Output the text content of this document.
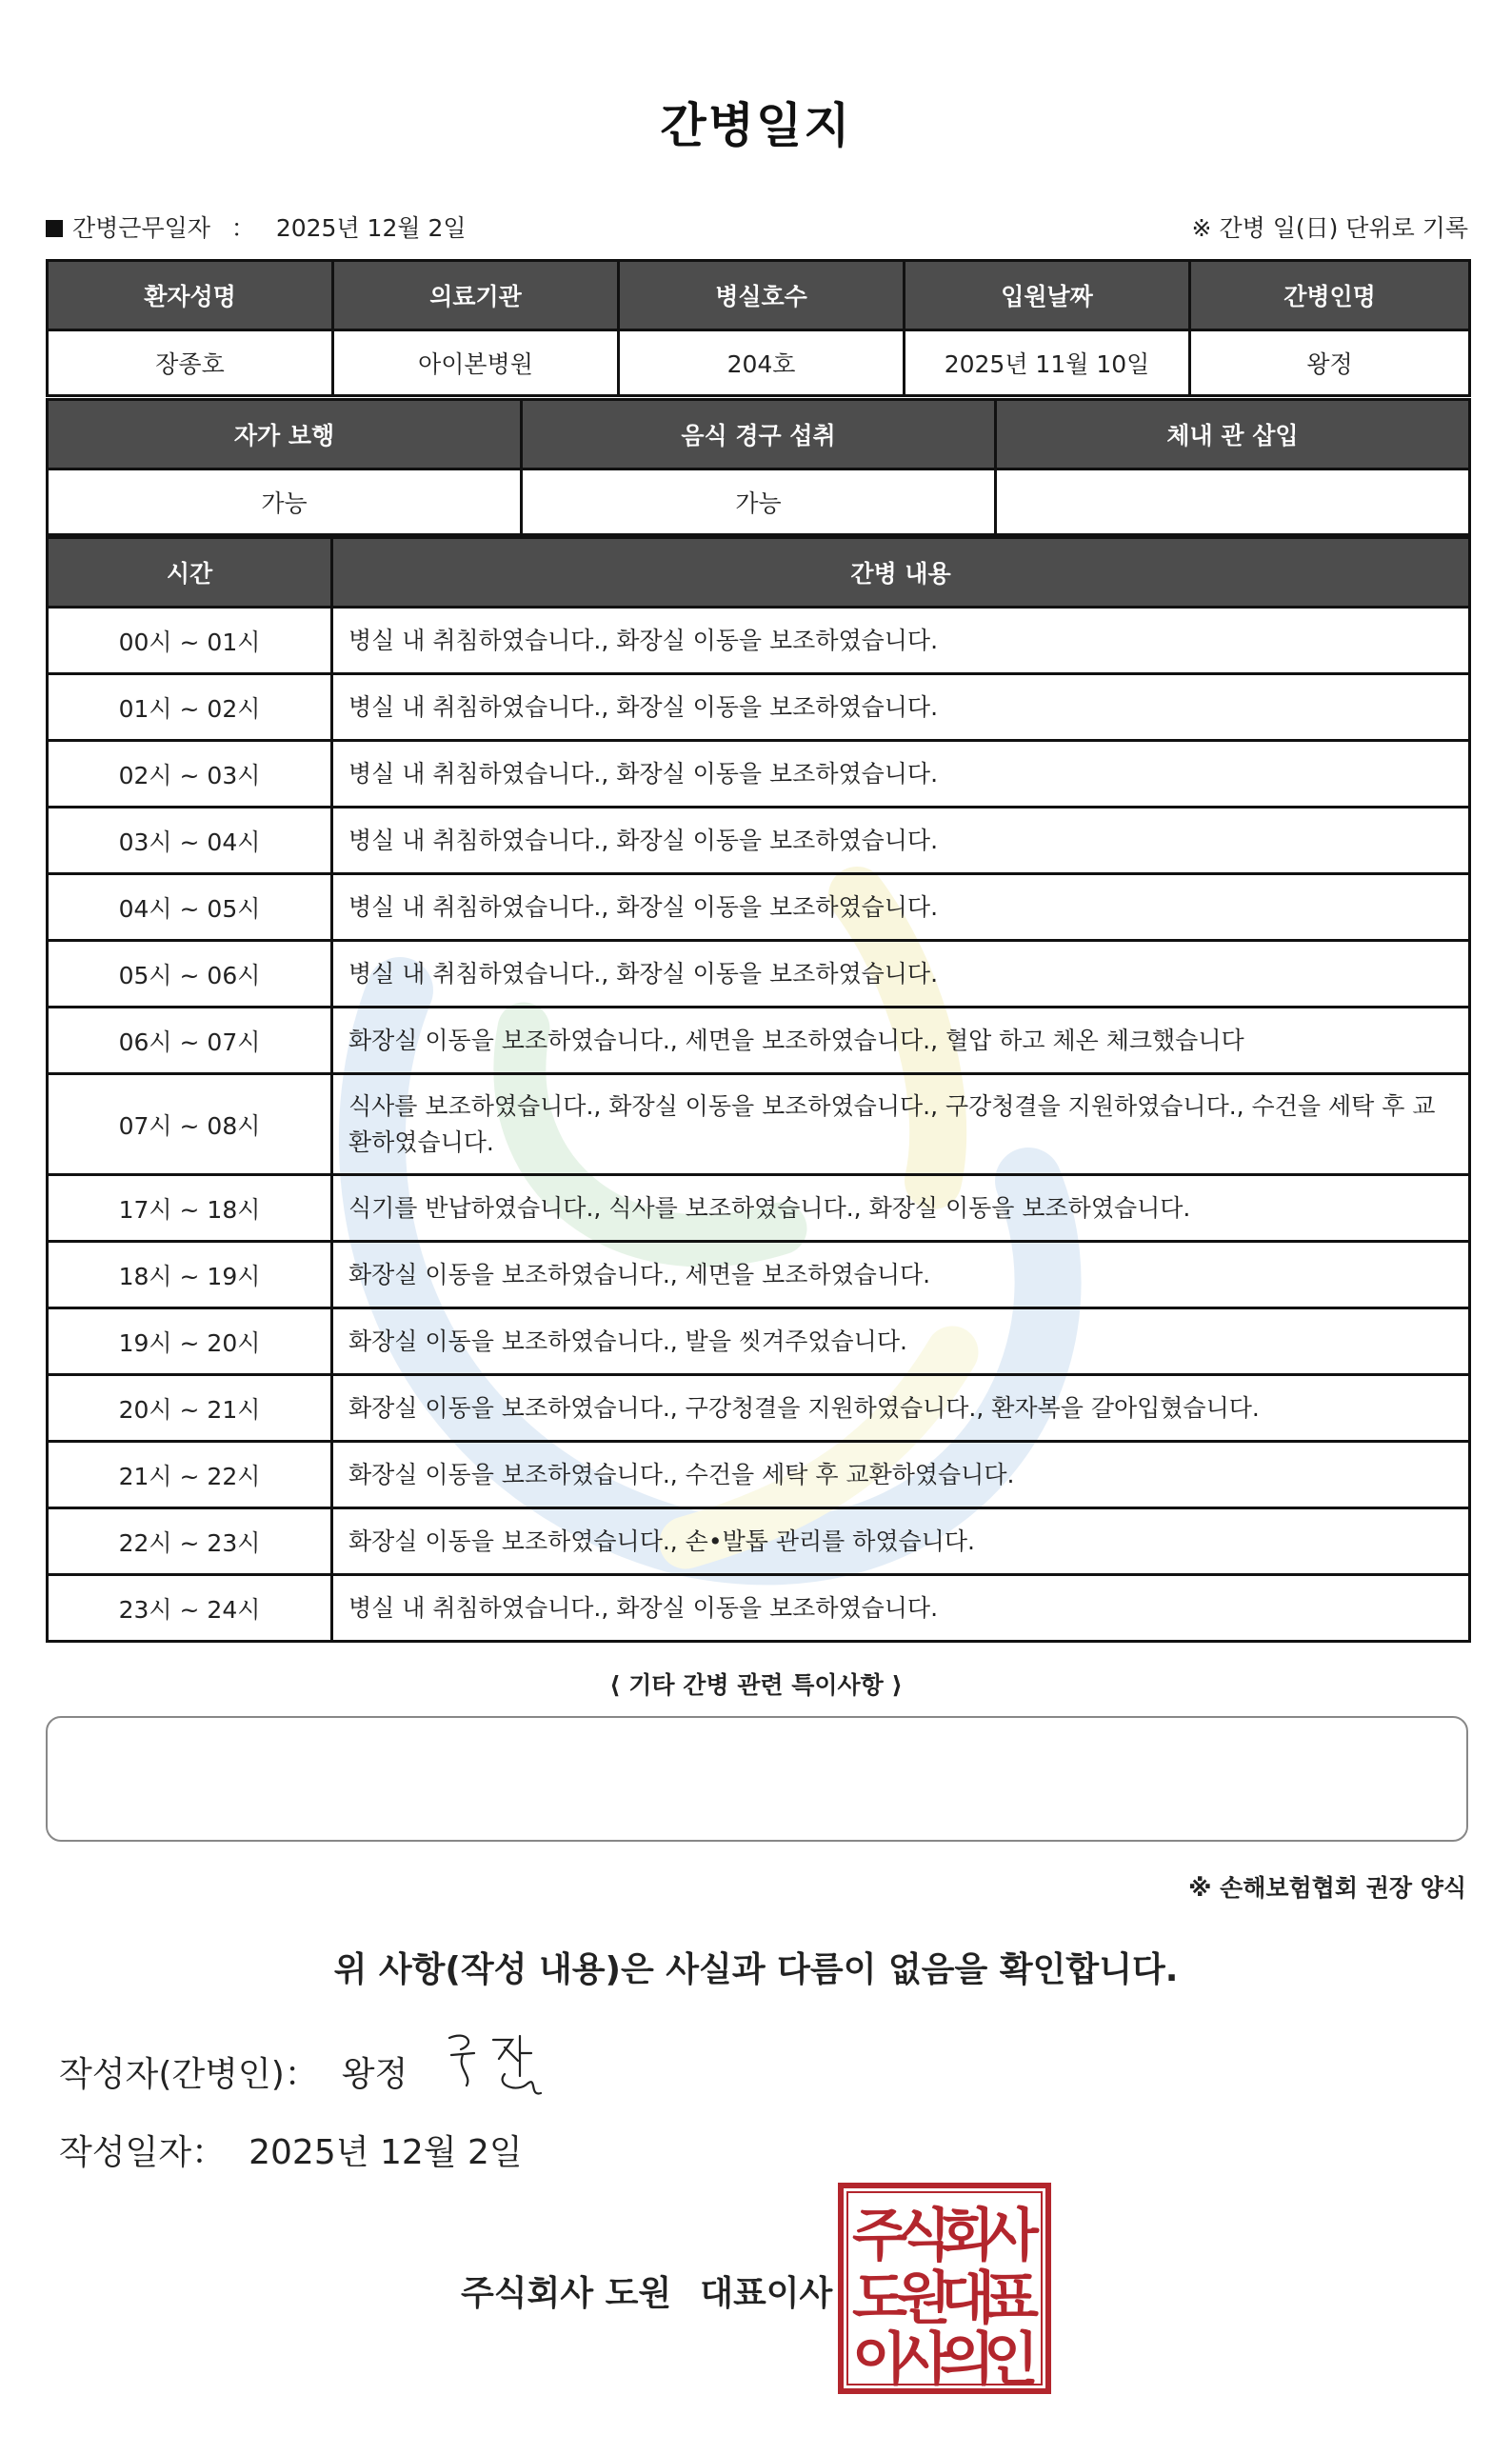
간병일지
간병근무일자 ： 2025년 12월 2일	※ 간병 일(日) 단위로 기록
환자성명	의료기관	병실호수	입원날짜	간병인명
장종호	아이본병원	204호	2025년 11월 10일	왕정
자가 보행	음식 경구 섭취	체내 관 삽입
가능	가능	
시간	간병 내용
00시 ~ 01시	병실 내 취침하였습니다., 화장실 이동을 보조하였습니다.
01시 ~ 02시	병실 내 취침하였습니다., 화장실 이동을 보조하였습니다.
02시 ~ 03시	병실 내 취침하였습니다., 화장실 이동을 보조하였습니다.
03시 ~ 04시	병실 내 취침하였습니다., 화장실 이동을 보조하였습니다.
04시 ~ 05시	병실 내 취침하였습니다., 화장실 이동을 보조하였습니다.
05시 ~ 06시	병실 내 취침하였습니다., 화장실 이동을 보조하였습니다.
06시 ~ 07시	화장실 이동을 보조하였습니다., 세면을 보조하였습니다., 혈압 하고 체온 체크했습니다
07시 ~ 08시	식사를 보조하였습니다., 화장실 이동을 보조하였습니다., 구강청결을 지원하였습니다., 수건을 세탁 후 교환하였습니다.
17시 ~ 18시	식기를 반납하였습니다., 식사를 보조하였습니다., 화장실 이동을 보조하였습니다.
18시 ~ 19시	화장실 이동을 보조하였습니다., 세면을 보조하였습니다.
19시 ~ 20시	화장실 이동을 보조하였습니다., 발을 씻겨주었습니다.
20시 ~ 21시	화장실 이동을 보조하였습니다., 구강청결을 지원하였습니다., 환자복을 갈아입혔습니다.
21시 ~ 22시	화장실 이동을 보조하였습니다., 수건을 세탁 후 교환하였습니다.
22시 ~ 23시	화장실 이동을 보조하였습니다., 손•발톱 관리를 하였습니다.
23시 ~ 24시	병실 내 취침하였습니다., 화장실 이동을 보조하였습니다.
⟨ 기타 간병 관련 특이사항 ⟩
※ 손해보험협회 권장 양식
위 사항(작성 내용)은 사실과 다름이 없음을 확인합니다.
작성자(간병인)： 왕정
작성일자： 2025년 12월 2일
주식회사 도원 대표이사
주
식
회
사
도
원
대
표
이
사
의
인
